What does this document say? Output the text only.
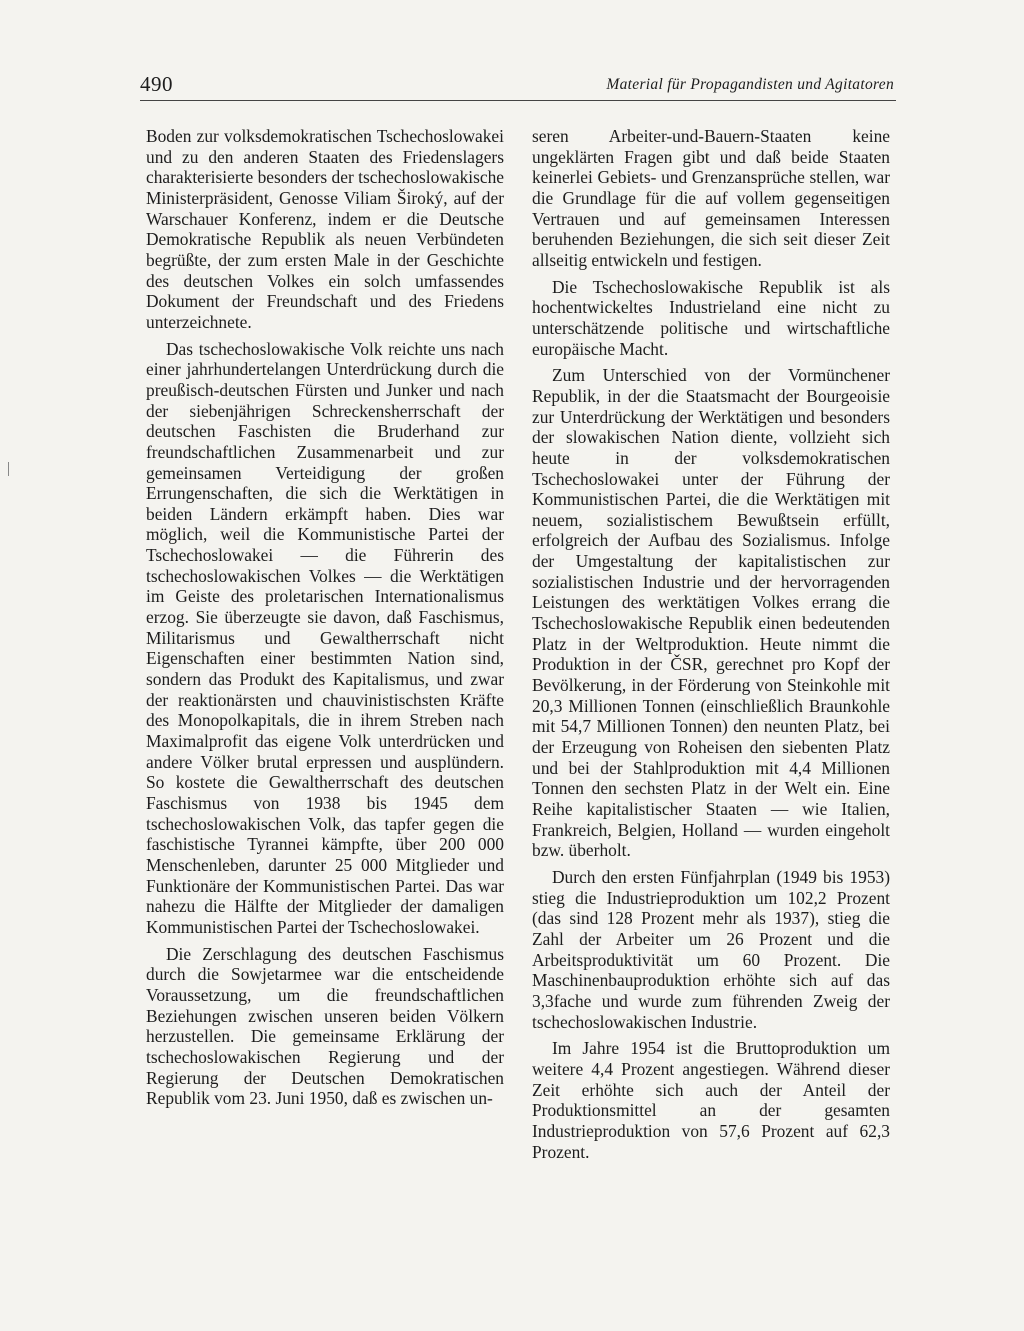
490	Material für Propagandisten und Agitatoren

Boden zur volksdemokratischen Tschechoslowakei und zu den anderen Staaten des Friedenslagers charakterisierte besonders der tschechoslowakische Ministerpräsident, Genosse Viliam Široký, auf der Warschauer Konferenz, indem er die Deutsche Demokratische Republik als neuen Verbündeten begrüßte, der zum ersten Male in der Geschichte des deutschen Volkes ein solch umfassendes Dokument der Freundschaft und des Friedens unterzeichnete.

Das tschechoslowakische Volk reichte uns nach einer jahrhundertelangen Unterdrückung durch die preußisch-deutschen Fürsten und Junker und nach der siebenjährigen Schreckensherrschaft der deutschen Faschisten die Bruderhand zur freundschaftlichen Zusammenarbeit und zur gemeinsamen Verteidigung der großen Errungenschaften, die sich die Werktätigen in beiden Ländern erkämpft haben. Dies war möglich, weil die Kommunistische Partei der Tschechoslowakei — die Führerin des tschechoslowakischen Volkes — die Werktätigen im Geiste des proletarischen Internationalismus erzog. Sie überzeugte sie davon, daß Faschismus, Militarismus und Gewaltherrschaft nicht Eigenschaften einer bestimmten Nation sind, sondern das Produkt des Kapitalismus, und zwar der reaktionärsten und chauvinistischsten Kräfte des Monopolkapitals, die in ihrem Streben nach Maximalprofit das eigene Volk unterdrücken und andere Völker brutal erpressen und ausplündern. So kostete die Gewaltherrschaft des deutschen Faschismus von 1938 bis 1945 dem tschechoslowakischen Volk, das tapfer gegen die faschistische Tyrannei kämpfte, über 200 000 Menschenleben, darunter 25 000 Mitglieder und Funktionäre der Kommunistischen Partei. Das war nahezu die Hälfte der Mitglieder der damaligen Kommunistischen Partei der Tschechoslowakei.

Die Zerschlagung des deutschen Faschismus durch die Sowjetarmee war die entscheidende Voraussetzung, um die freundschaftlichen Beziehungen zwischen unseren beiden Völkern herzustellen. Die gemeinsame Erklärung der tschechoslowakischen Regierung und der Regierung der Deutschen Demokratischen Republik vom 23. Juni 1950, daß es zwischen un-

seren Arbeiter-und-Bauern-Staaten keine ungeklärten Fragen gibt und daß beide Staaten keinerlei Gebiets- und Grenzansprüche stellen, war die Grundlage für die auf vollem gegenseitigen Vertrauen und auf gemeinsamen Interessen beruhenden Beziehungen, die sich seit dieser Zeit allseitig entwickeln und festigen.

Die Tschechoslowakische Republik ist als hochentwickeltes Industrieland eine nicht zu unterschätzende politische und wirtschaftliche europäische Macht.

Zum Unterschied von der Vormünchener Republik, in der die Staatsmacht der Bourgeoisie zur Unterdrückung der Werktätigen und besonders der slowakischen Nation diente, vollzieht sich heute in der volksdemokratischen Tschechoslowakei unter der Führung der Kommunistischen Partei, die die Werktätigen mit neuem, sozialistischem Bewußtsein erfüllt, erfolgreich der Aufbau des Sozialismus. Infolge der Umgestaltung der kapitalistischen zur sozialistischen Industrie und der hervorragenden Leistungen des werktätigen Volkes errang die Tschechoslowakische Republik einen bedeutenden Platz in der Weltproduktion. Heute nimmt die Produktion in der ČSR, gerechnet pro Kopf der Bevölkerung, in der Förderung von Steinkohle mit 20,3 Millionen Tonnen (einschließlich Braunkohle mit 54,7 Millionen Tonnen) den neunten Platz, bei der Erzeugung von Roheisen den siebenten Platz und bei der Stahlproduktion mit 4,4 Millionen Tonnen den sechsten Platz in der Welt ein. Eine Reihe kapitalistischer Staaten — wie Italien, Frankreich, Belgien, Holland — wurden eingeholt bzw. überholt.

Durch den ersten Fünfjahrplan (1949 bis 1953) stieg die Industrieproduktion um 102,2 Prozent (das sind 128 Prozent mehr als 1937), stieg die Zahl der Arbeiter um 26 Prozent und die Arbeitsproduktivität um 60 Prozent. Die Maschinenbauproduktion erhöhte sich auf das 3,3fache und wurde zum führenden Zweig der tschechoslowakischen Industrie.

Im Jahre 1954 ist die Bruttoproduktion um weitere 4,4 Prozent angestiegen. Während dieser Zeit erhöhte sich auch der Anteil der Produktionsmittel an der gesamten Industrieproduktion von 57,6 Prozent auf 62,3 Prozent.
